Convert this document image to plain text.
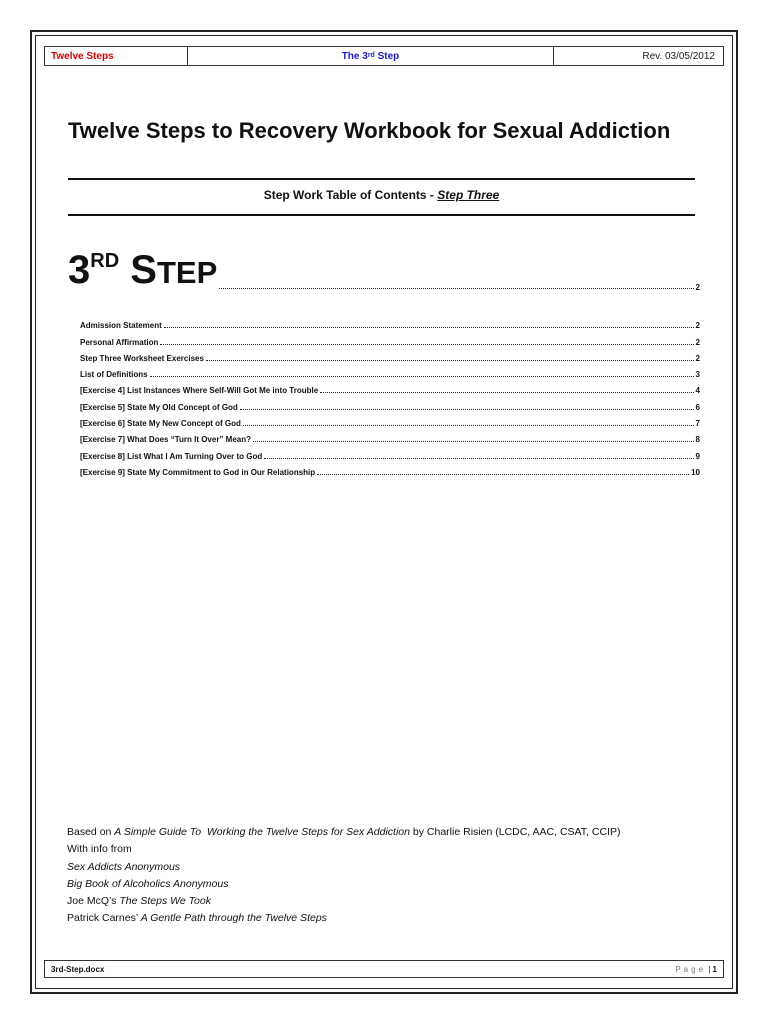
Twelve Steps	The 3 rd Step	Rev. 03/05/2012
Twelve Steps to Recovery Workbook for Sexual Addiction
Step Work Table of Contents - Step Three
3RD STEP	2
Admission Statement	2
Personal Affirmation	2
Step Three Worksheet Exercises	2
List of Definitions	3
[Exercise 4] List Instances Where Self-Will Got Me into Trouble	4
[Exercise 5] State My Old Concept of God	6
[Exercise 6] State My New Concept of God	7
[Exercise 7] What Does “Turn It Over” Mean?	8
[Exercise 8] List What I Am Turning Over to God	9
[Exercise 9] State My Commitment to God in Our Relationship	10
Based on A Simple Guide To  Working the Twelve Steps for Sex Addiction by Charlie Risien (LCDC, AAC, CSAT, CCIP)
With info from
Sex Addicts Anonymous
Big Book of Alcoholics Anonymous
Joe McQ’s The Steps We Took
Patrick Carnes’ A Gentle Path through the Twelve Steps
3rd-Step.docx	Page | 1
